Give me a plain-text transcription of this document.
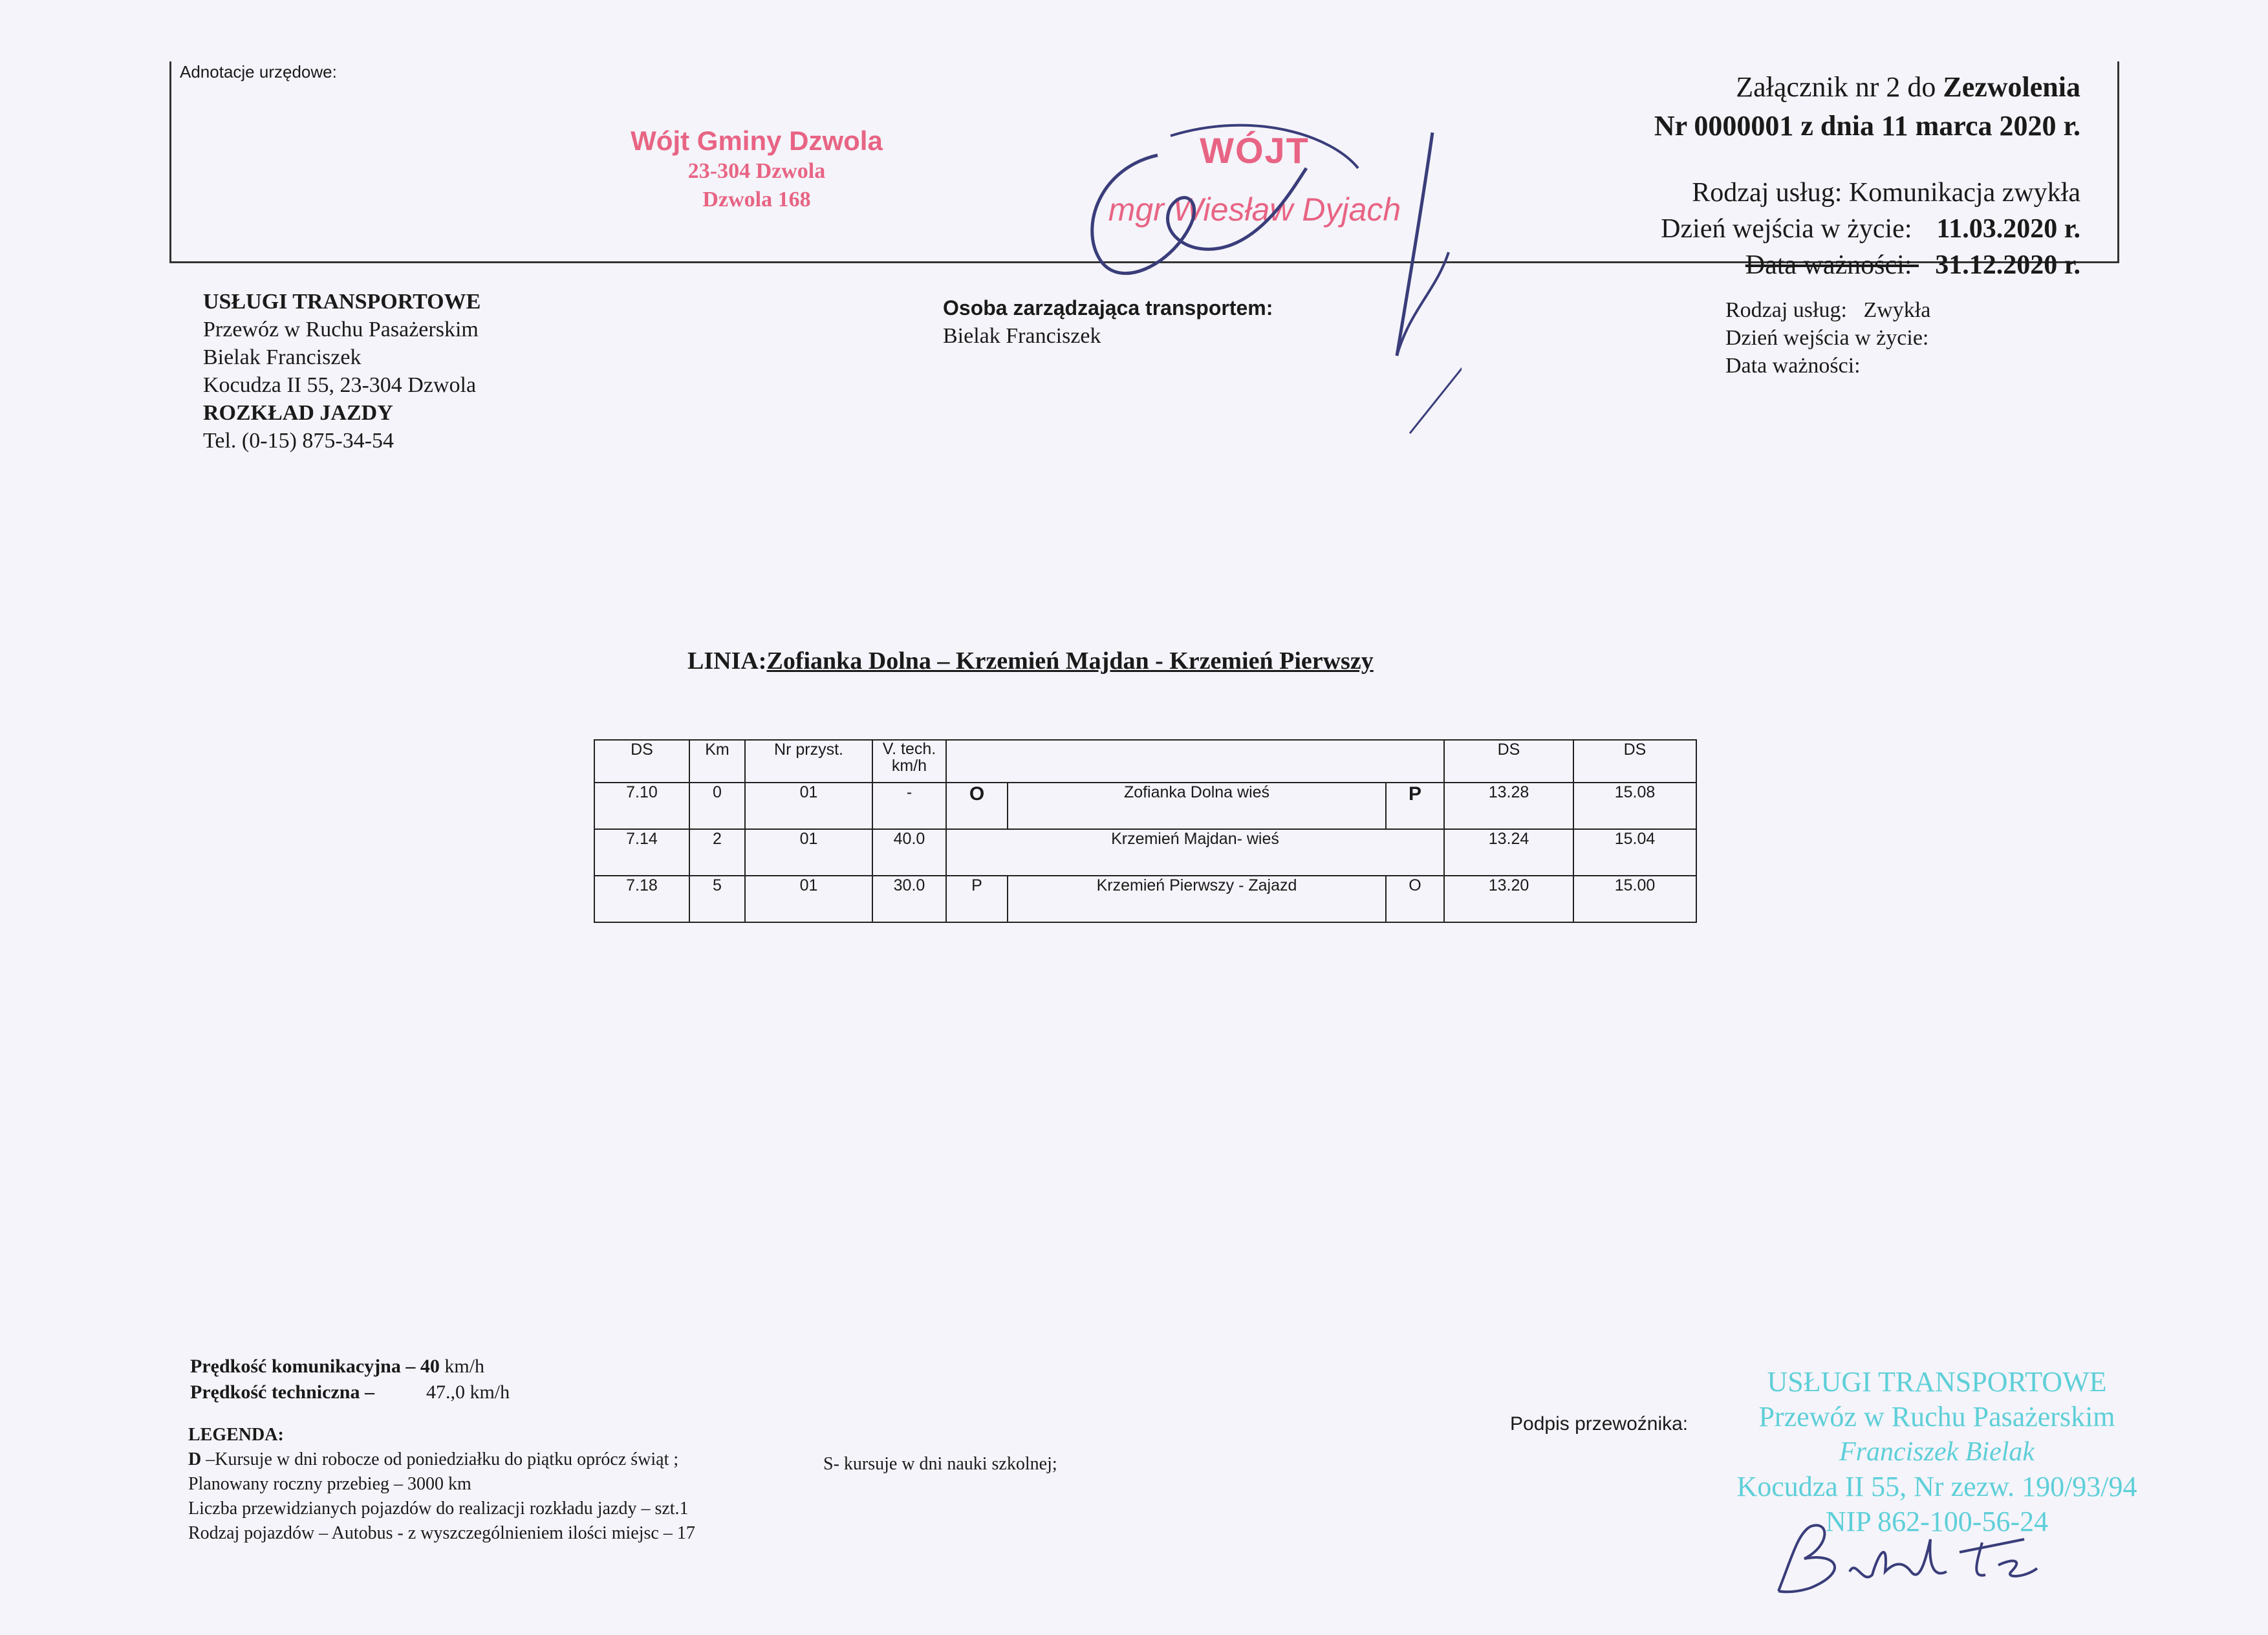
Adnotacje urzędowe:	Załącznik nr 2 do Zezwolenia
Nr 0000001 z dnia 11 marca 2020 r.
Rodzaj usług: Komunikacja zwykła
Dzień wejścia w życie: 11.03.2020 r.
Data ważności: 31.12.2020 r.
Wójt Gminy Dzwola
23-304 Dzwola
Dzwola 168
WÓJT
mgr Wiesław Dyjach
USŁUGI TRANSPORTOWE
Przewóz w Ruchu Pasażerskim
Bielak Franciszek
Kocudza II 55, 23-304 Dzwola
ROZKŁAD JAZDY
Tel. (0-15) 875-34-54
Osoba zarządzająca transportem:
Bielak Franciszek
Rodzaj usług: Zwykła
Dzień wejścia w życie:
Data ważności:
LINIA:Zofianka Dolna – Krzemień Majdan - Krzemień Pierwszy
DS	Km	Nr przyst.	V. tech.
km/h				DS	DS
7.10	0	01	-	O	Zofianka Dolna wieś	P	13.28	15.08
7.14	2	01	40.0	Krzemień Majdan- wieś			13.24	15.04
7.18	5	01	30.0	P	Krzemień Pierwszy - Zajazd	O	13.20	15.00
Prędkość komunikacyjna – 40 km/h
Prędkość techniczna –	47.,0 km/h
LEGENDA:
D –Kursuje w dni robocze od poniedziałku do piątku oprócz świąt ;
Planowany roczny przebieg – 3000 km
Liczba przewidzianych pojazdów do realizacji rozkładu jazdy – szt.1
Rodzaj pojazdów – Autobus - z wyszczególnieniem ilości miejsc – 17
S- kursuje w dni nauki szkolnej;
Podpis przewoźnika:
USŁUGI TRANSPORTOWE
Przewóz w Ruchu Pasażerskim
Franciszek Bielak
Kocudza II 55, Nr zezw. 190/93/94
NIP 862-100-56-24
